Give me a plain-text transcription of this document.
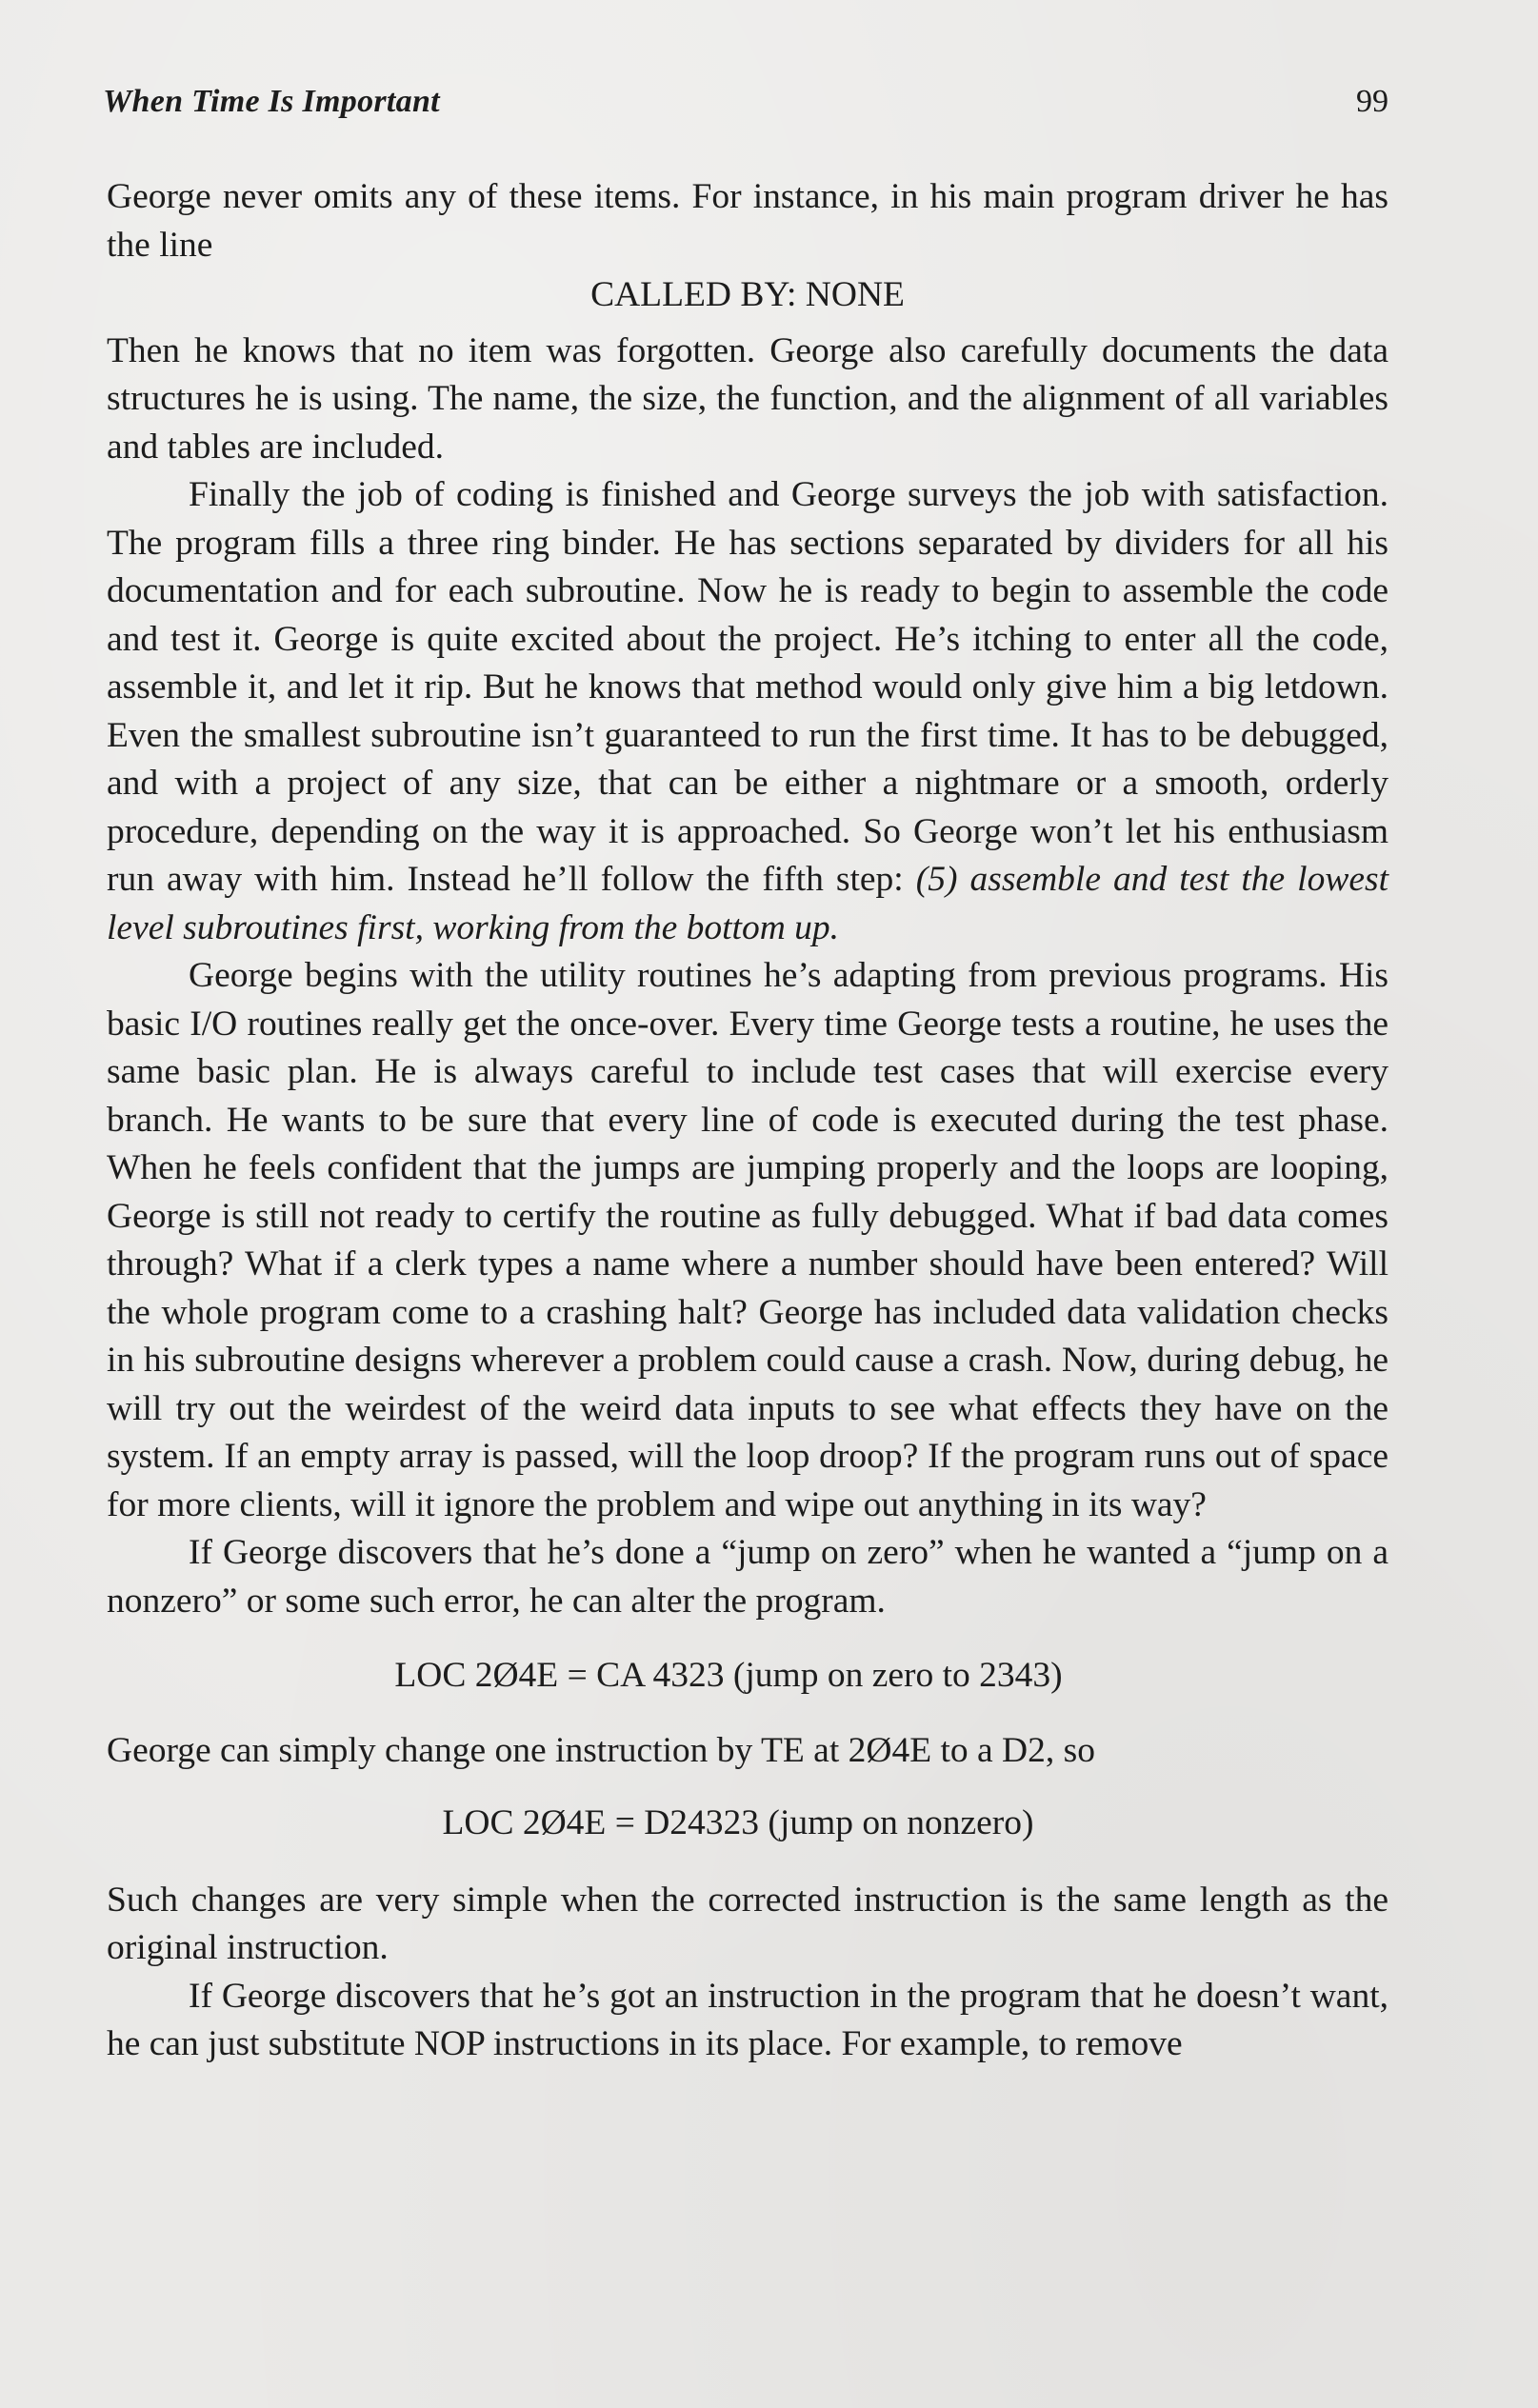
When Time Is Important	99

George never omits any of these items. For instance, in his main program driver he has the line

CALLED BY: NONE

Then he knows that no item was forgotten. George also carefully documents the data structures he is using. The name, the size, the function, and the alignment of all variables and tables are included.

Finally the job of coding is finished and George surveys the job with satisfaction. The program fills a three ring binder. He has sections separated by dividers for all his documentation and for each subroutine. Now he is ready to begin to assemble the code and test it. George is quite excited about the project. He’s itching to enter all the code, assemble it, and let it rip. But he knows that method would only give him a big letdown. Even the smallest subroutine isn’t guaranteed to run the first time. It has to be debugged, and with a project of any size, that can be either a nightmare or a smooth, orderly procedure, depending on the way it is approached. So George won’t let his enthusiasm run away with him. Instead he’ll follow the fifth step: (5) assemble and test the lowest level subroutines first, working from the bottom up.

George begins with the utility routines he’s adapting from previous programs. His basic I/O routines really get the once-over. Every time George tests a routine, he uses the same basic plan. He is always careful to include test cases that will exercise every branch. He wants to be sure that every line of code is executed during the test phase. When he feels confident that the jumps are jumping properly and the loops are looping, George is still not ready to certify the routine as fully debugged. What if bad data comes through? What if a clerk types a name where a number should have been entered? Will the whole program come to a crashing halt? George has included data validation checks in his subroutine designs wherever a problem could cause a crash. Now, during debug, he will try out the weirdest of the weird data inputs to see what effects they have on the system. If an empty array is passed, will the loop droop? If the program runs out of space for more clients, will it ignore the problem and wipe out anything in its way?

If George discovers that he’s done a “jump on zero” when he wanted a “jump on a nonzero” or some such error, he can alter the program.

LOC 2Ø4E = CA 4323 (jump on zero to 2343)

George can simply change one instruction by TE at 2Ø4E to a D2, so

LOC 2Ø4E = D24323 (jump on nonzero)

Such changes are very simple when the corrected instruction is the same length as the original instruction.

If George discovers that he’s got an instruction in the program that he doesn’t want, he can just substitute NOP instructions in its place. For example, to remove
